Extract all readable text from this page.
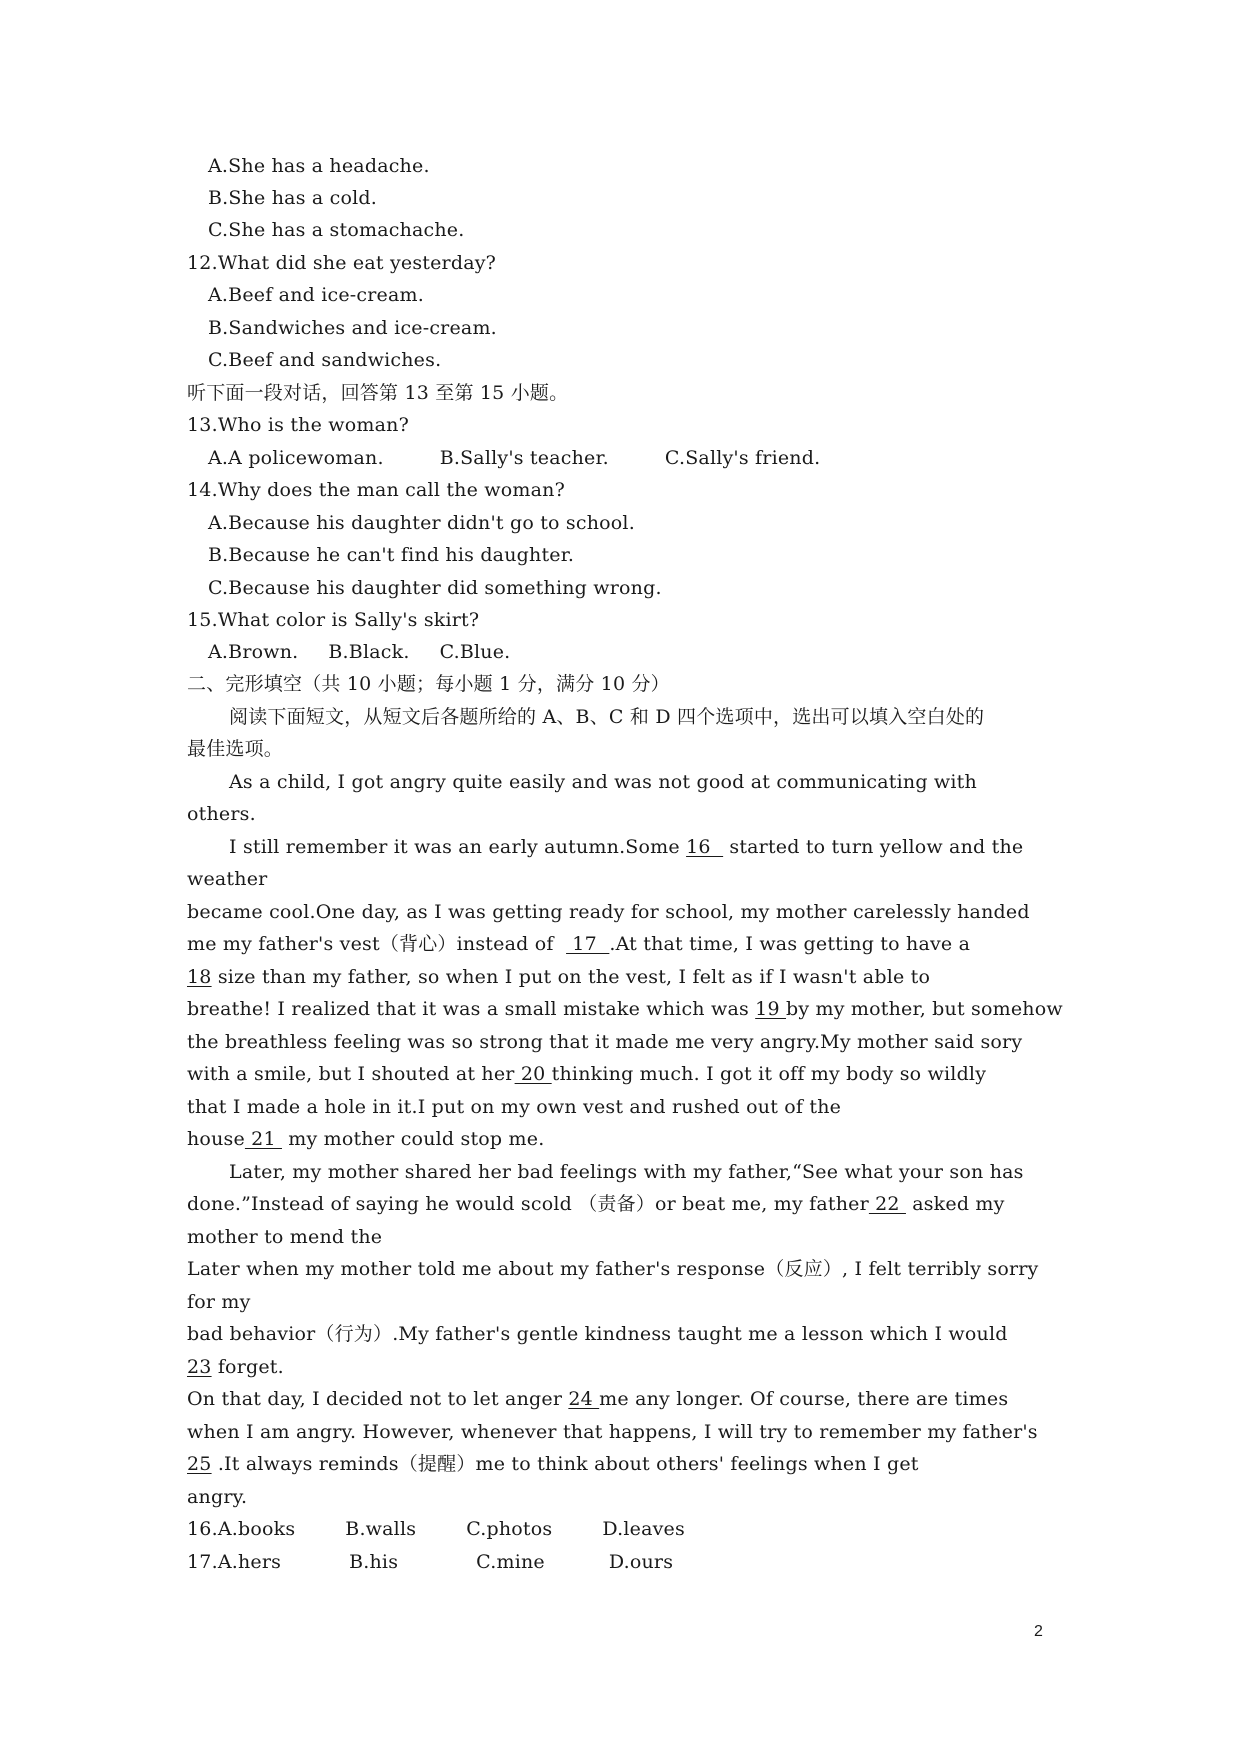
A.She has a headache.
B.She has a cold.
C.She has a stomachache.
12.What did she eat yesterday?
A.Beef and ice-cream.
B.Sandwiches and ice-cream.
C.Beef and sandwiches.
听下面一段对话，回答第 13 至第 15 小题。
13.Who is the woman?
A.A policewoman.	B.Sally's teacher.	C.Sally's friend.
14.Why does the man call the woman?
A.Because his daughter didn't go to school.
B.Because he can't find his daughter.
C.Because his daughter did something wrong.
15.What color is Sally's skirt?
A.Brown. B.Black. C.Blue.
二、完形填空（共 10 小题；每小题 1 分，满分 10 分）
阅读下面短文，从短文后各题所给的 A、B、C 和 D 四个选项中，选出可以填入空白处的
最佳选项。
As a child, I got angry quite easily and was not good at communicating with
others.
I still remember it was an early autumn.Some 16   started to turn yellow and the
weather
became cool.One day, as I was getting ready for school, my mother carelessly handed
me my father's vest（背心）instead of   17  .At that time, I was getting to have a
18 size than my father, so when I put on the vest, I felt as if I wasn't able to
breathe! I realized that it was a small mistake which was 19 by my mother, but somehow
the breathless feeling was so strong that it made me very angry.My mother said sory
with a smile, but I shouted at her 20 thinking much. I got it off my body so wildly
that I made a hole in it.I put on my own vest and rushed out of the
house 21  my mother could stop me.
Later, my mother shared her bad feelings with my father,“See what your son has
done.”Instead of saying he would scold （责备）or beat me, my father 22  asked my
mother to mend the
Later when my mother told me about my father's response（反应）, I felt terribly sorry
for my
bad behavior（行为）.My father's gentle kindness taught me a lesson which I would
23 forget.
On that day, I decided not to let anger 24 me any longer. Of course, there are times
when I am angry. However, whenever that happens, I will try to remember my father's
25 .It always reminds（提醒）me to think about others' feelings when I get
angry.
16.A.books	B.walls	C.photos	D.leaves
17.A.hers	B.his	C.mine	D.ours
2
